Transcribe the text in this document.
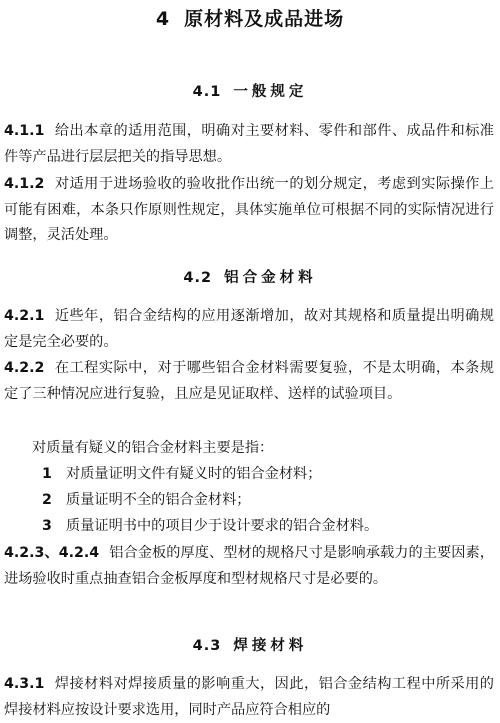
4 原材料及成品进场
4.1 一般规定

4.1.1 给出本章的适用范围，明确对主要材料、零件和部件、成品件和标准件等产品进行层层把关的指导思想。

4.1.2 对适用于进场验收的验收批作出统一的划分规定，考虑到实际操作上可能有困难，本条只作原则性规定，具体实施单位可根据不同的实际情况进行调整，灵活处理。

4.2 铝合金材料

4.2.1 近些年，铝合金结构的应用逐渐增加，故对其规格和质量提出明确规定是完全必要的。

4.2.2 在工程实际中，对于哪些铝合金材料需要复验，不是太明确，本条规定了三种情况应进行复验，且应是见证取样、送样的试验项目。

对质量有疑义的铝合金材料主要是指：

1 对质量证明文件有疑义时的铝合金材料；

2 质量证明不全的铝合金材料；

3 质量证明书中的项目少于设计要求的铝合金材料。

4.2.3、4.2.4 铝合金板的厚度、型材的规格尺寸是影响承载力的主要因素，进场验收时重点抽查铝合金板厚度和型材规格尺寸是必要的。

4.3 焊接材料

4.3.1 焊接材料对焊接质量的影响重大，因此，铝合金结构工程中所采用的焊接材料应按设计要求选用，同时产品应符合相应的
